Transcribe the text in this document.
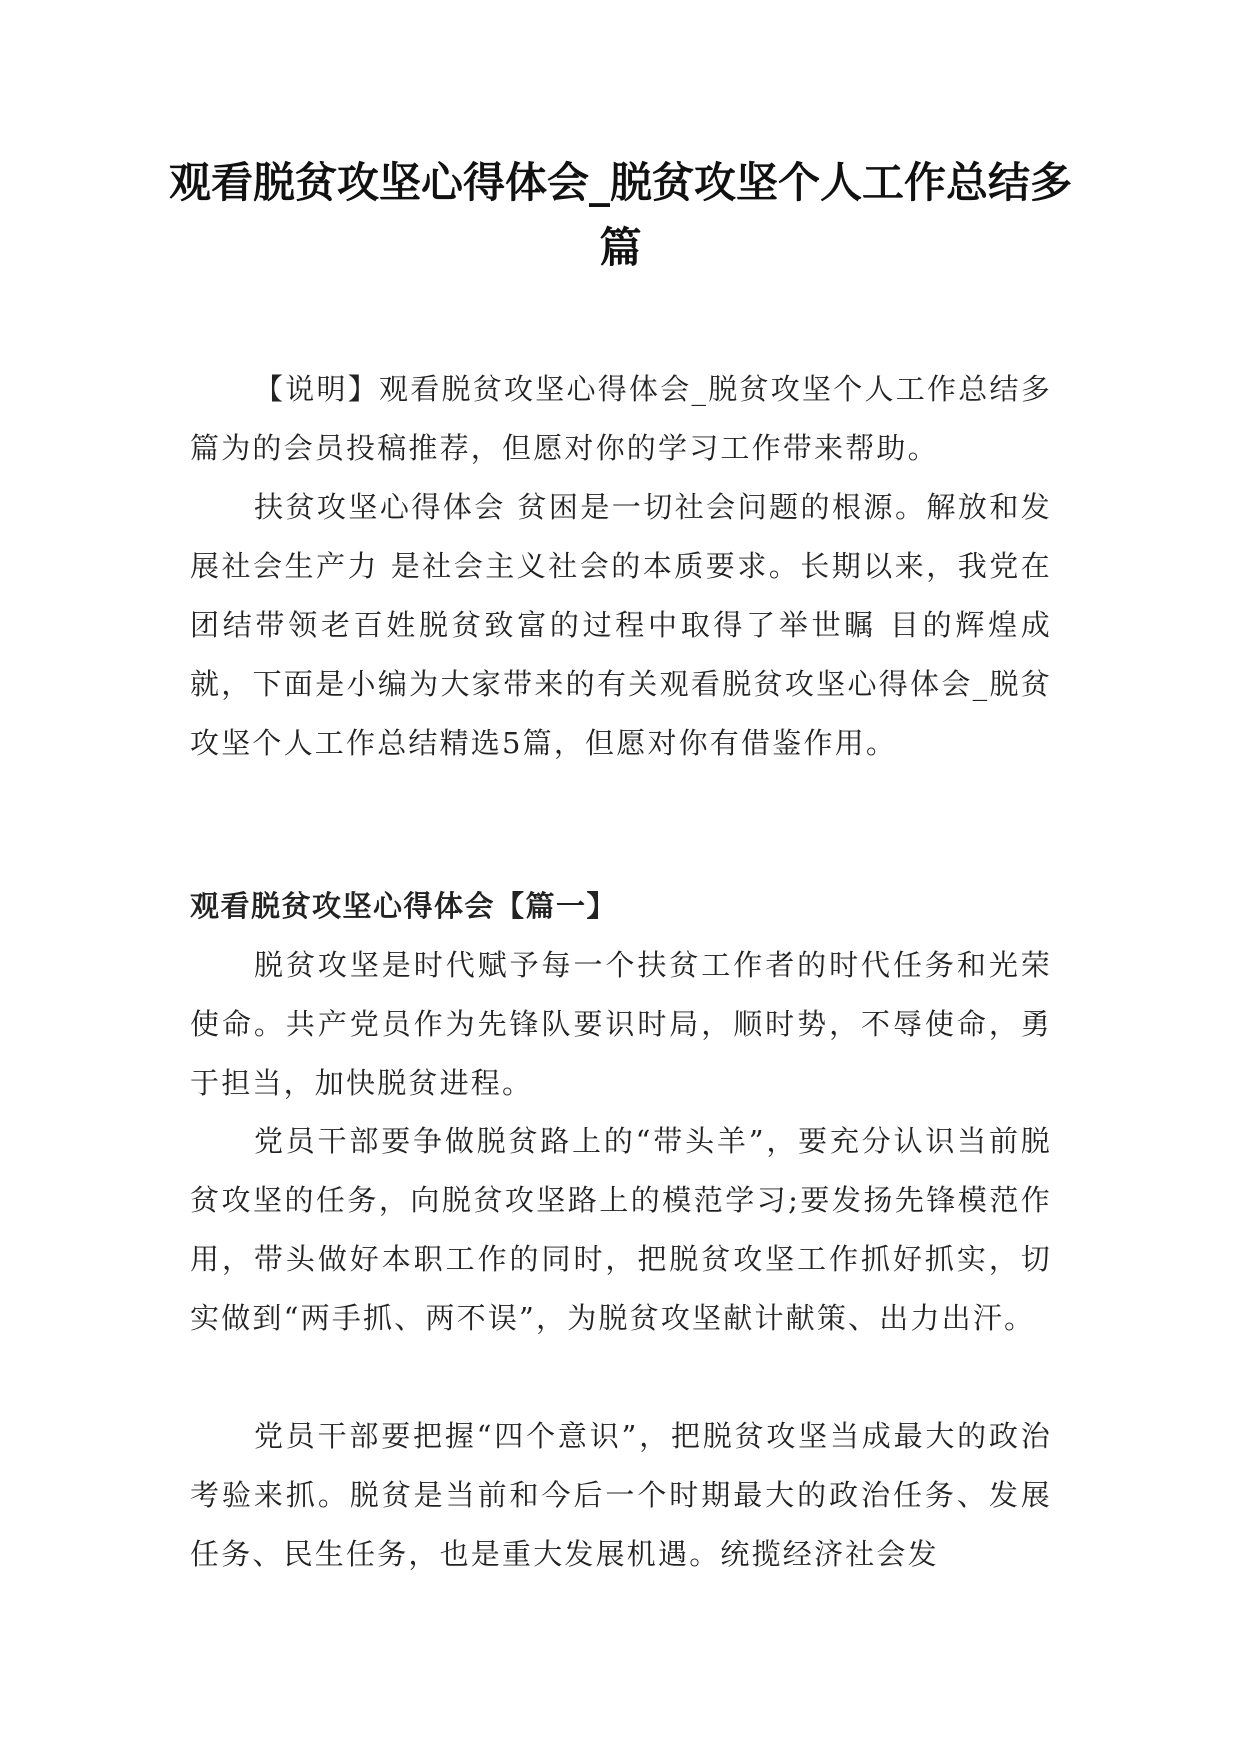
观看脱贫攻坚心得体会_脱贫攻坚个人工作总结多篇

【说明】观看脱贫攻坚心得体会_脱贫攻坚个人工作总结多篇为的会员投稿推荐，但愿对你的学习工作带来帮助。

扶贫攻坚心得体会 贫困是一切社会问题的根源。解放和发展社会生产力 是社会主义社会的本质要求。长期以来，我党在团结带领老百姓脱贫致富的过程中取得了举世瞩 目的辉煌成就，下面是小编为大家带来的有关观看脱贫攻坚心得体会_脱贫攻坚个人工作总结精选5篇，但愿对你有借鉴作用。

观看脱贫攻坚心得体会【篇一】

脱贫攻坚是时代赋予每一个扶贫工作者的时代任务和光荣使命。共产党员作为先锋队要识时局，顺时势，不辱使命，勇于担当，加快脱贫进程。

党员干部要争做脱贫路上的“带头羊”，要充分认识当前脱贫攻坚的任务，向脱贫攻坚路上的模范学习;要发扬先锋模范作用，带头做好本职工作的同时，把脱贫攻坚工作抓好抓实，切实做到“两手抓、两不误”，为脱贫攻坚献计献策、出力出汗。

党员干部要把握“四个意识”，把脱贫攻坚当成最大的政治考验来抓。脱贫是当前和今后一个时期最大的政治任务、发展任务、民生任务，也是重大发展机遇。统揽经济社会发
